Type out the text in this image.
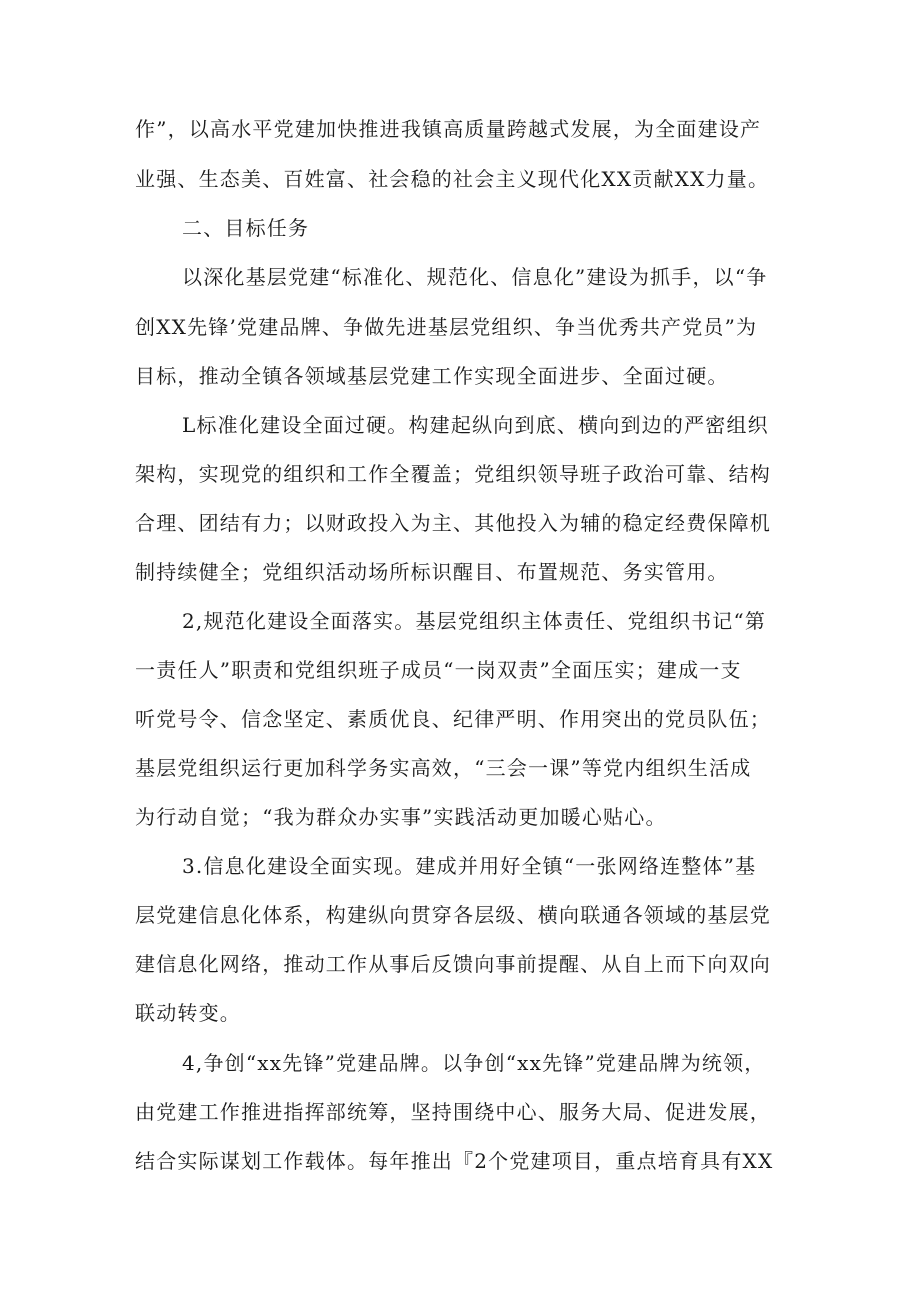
作”，以高水平党建加快推进我镇高质量跨越式发展，为全面建设产
业强、生态美、百姓富、社会稳的社会主义现代化XX贡献XX力量。
二、目标任务
以深化基层党建“标准化、规范化、信息化”建设为抓手，以“争
创XX先锋’党建品牌、争做先进基层党组织、争当优秀共产党员”为
目标，推动全镇各领域基层党建工作实现全面进步、全面过硬。
L标准化建设全面过硬。构建起纵向到底、横向到边的严密组织
架构，实现党的组织和工作全覆盖；党组织领导班子政治可靠、结构
合理、团结有力；以财政投入为主、其他投入为辅的稳定经费保障机
制持续健全；党组织活动场所标识醒目、布置规范、务实管用。
2,规范化建设全面落实。基层党组织主体责任、党组织书记“第
一责任人”职责和党组织班子成员“一岗双责”全面压实；建成一支
听党号令、信念坚定、素质优良、纪律严明、作用突出的党员队伍；
基层党组织运行更加科学务实高效，“三会一课”等党内组织生活成
为行动自觉；“我为群众办实事”实践活动更加暖心贴心。
3.信息化建设全面实现。建成并用好全镇“一张网络连整体”基
层党建信息化体系，构建纵向贯穿各层级、横向联通各领域的基层党
建信息化网络，推动工作从事后反馈向事前提醒、从自上而下向双向
联动转变。
4,争创“xx先锋”党建品牌。以争创“xx先锋”党建品牌为统领，
由党建工作推进指挥部统筹，坚持围绕中心、服务大局、促进发展，
结合实际谋划工作载体。每年推出『2个党建项目，重点培育具有XX
